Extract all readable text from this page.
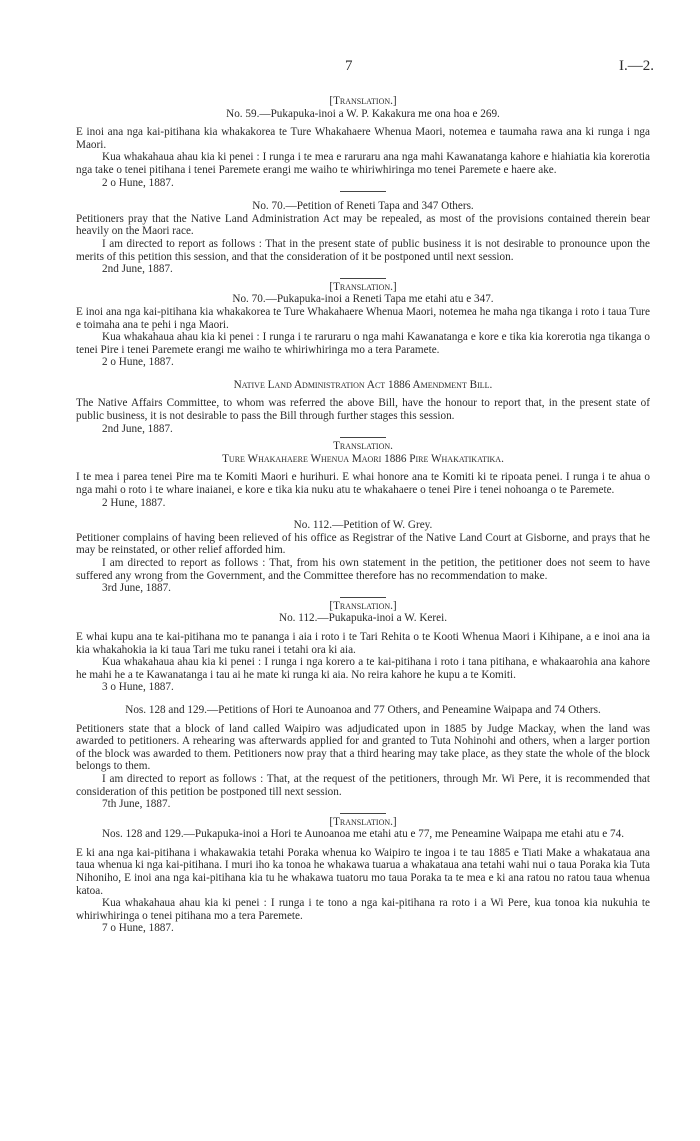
7	I.—2.

[Translation.]

No. 59.—Pukapuka-inoi a W. P. Kakakura me ona hoa e 269.

E inoi ana nga kai-pitihana kia whakakorea te Ture Whakahaere Whenua Maori, notemea e taumaha rawa ana ki runga i nga Maori.

Kua whakahaua ahau kia ki penei : I runga i te mea e raruraru ana nga mahi Kawanatanga kahore e hiahiatia kia korerotia nga take o tenei pitihana i tenei Paremete erangi me waiho te whiriwhiringa mo tenei Paremete e haere ake.

2 o Hune, 1887.

No. 70.—Petition of Reneti Tapa and 347 Others.

Petitioners pray that the Native Land Administration Act may be repealed, as most of the provisions contained therein bear heavily on the Maori race.

I am directed to report as follows : That in the present state of public business it is not desirable to pronounce upon the merits of this petition this session, and that the consideration of it be postponed until next session.

2nd June, 1887.

[Translation.]

No. 70.—Pukapuka-inoi a Reneti Tapa me etahi atu e 347.

E inoi ana nga kai-pitihana kia whakakorea te Ture Whakahaere Whenua Maori, notemea he maha nga tikanga i roto i taua Ture e toimaha ana te pehi i nga Maori.

Kua whakahaua ahau kia ki penei : I runga i te raruraru o nga mahi Kawanatanga e kore e tika kia korerotia nga tikanga o tenei Pire i tenei Paremete erangi me waiho te whiriwhiringa mo a tera Paramete.

2 o Hune, 1887.

Native Land Administration Act 1886 Amendment Bill.

The Native Affairs Committee, to whom was referred the above Bill, have the honour to report that, in the present state of public business, it is not desirable to pass the Bill through further stages this session.

2nd June, 1887.

Translation.

Ture Whakahaere Whenua Maori 1886 Pire Whakatikatika.

I te mea i parea tenei Pire ma te Komiti Maori e hurihuri. E whai honore ana te Komiti ki te ripoata penei. I runga i te ahua o nga mahi o roto i te whare inaianei, e kore e tika kia nuku atu te whakahaere o tenei Pire i tenei nohoanga o te Paremete.

2 Hune, 1887.

No. 112.—Petition of W. Grey.

Petitioner complains of having been relieved of his office as Registrar of the Native Land Court at Gisborne, and prays that he may be reinstated, or other relief afforded him.

I am directed to report as follows : That, from his own statement in the petition, the petitioner does not seem to have suffered any wrong from the Government, and the Committee therefore has no recommendation to make.

3rd June, 1887.

[Translation.]

No. 112.—Pukapuka-inoi a W. Kerei.

E whai kupu ana te kai-pitihana mo te pananga i aia i roto i te Tari Rehita o te Kooti Whenua Maori i Kihipane, a e inoi ana ia kia whakahokia ia ki taua Tari me tuku ranei i tetahi ora ki aia.

Kua whakahaua ahau kia ki penei : I runga i nga korero a te kai-pitihana i roto i tana pitihana, e whakaarohia ana kahore he mahi he a te Kawanatanga i tau ai he mate ki runga ki aia. No reira kahore he kupu a te Komiti.

3 o Hune, 1887.

Nos. 128 and 129.—Petitions of Hori te Aunoanoa and 77 Others, and Peneamine Waipapa and 74 Others.

Petitioners state that a block of land called Waipiro was adjudicated upon in 1885 by Judge Mackay, when the land was awarded to petitioners. A rehearing was afterwards applied for and granted to Tuta Nohinohi and others, when a larger portion of the block was awarded to them. Petitioners now pray that a third hearing may take place, as they state the whole of the block belongs to them.

I am directed to report as follows : That, at the request of the petitioners, through Mr. Wi Pere, it is recommended that consideration of this petition be postponed till next session.

7th June, 1887.

[Translation.]

Nos. 128 and 129.—Pukapuka-inoi a Hori te Aunoanoa me etahi atu e 77, me Peneamine Waipapa me etahi atu e 74.

E ki ana nga kai-pitihana i whakawakia tetahi Poraka whenua ko Waipiro te ingoa i te tau 1885 e Tiati Make a whakataua ana taua whenua ki nga kai-pitihana. I muri iho ka tonoa he whakawa tuarua a whakataua ana tetahi wahi nui o taua Poraka kia Tuta Nihoniho, E inoi ana nga kai-pitihana kia tu he whakawa tuatoru mo taua Poraka ta te mea e ki ana ratou no ratou taua whenua katoa.

Kua whakahaua ahau kia ki penei : I runga i te tono a nga kai-pitihana ra roto i a Wi Pere, kua tonoa kia nukuhia te whiriwhiringa o tenei pitihana mo a tera Paremete.

7 o Hune, 1887.
